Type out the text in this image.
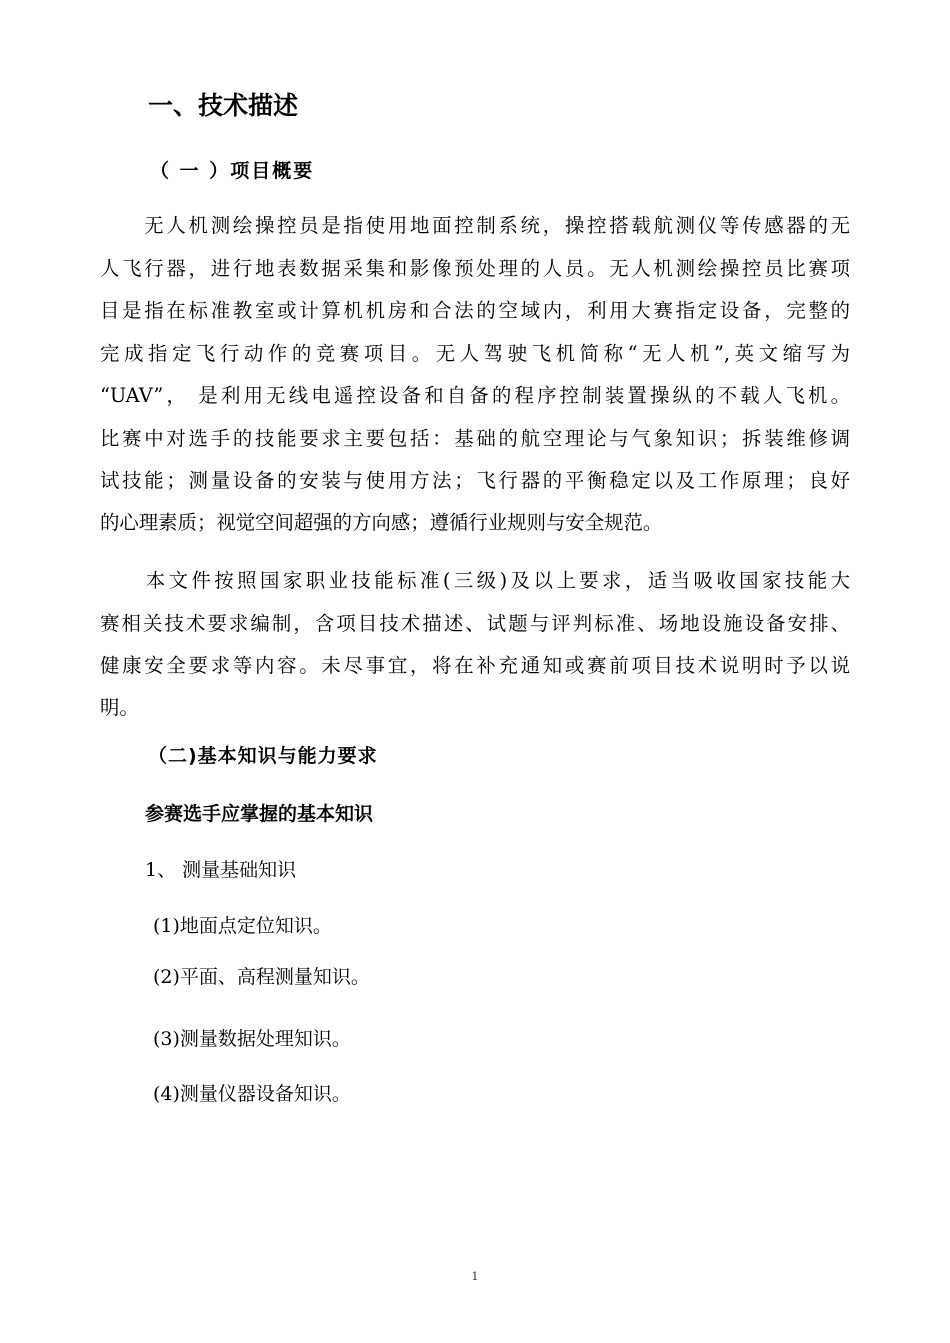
一、技术描述
（ 一 ）项目概要
　　无人机测绘操控员是指使用地面控制系统，操控搭载航测仪等传感器的无
人飞行器，进行地表数据采集和影像预处理的人员。无人机测绘操控员比赛项
目是指在标准教室或计算机机房和合法的空域内，利用大赛指定设备，完整的
完成指定飞行动作的竞赛项目。无人驾驶飞机简称“无人机”,英文缩写为
“UAV”， 是利用无线电遥控设备和自备的程序控制装置操纵的不载人飞机。
比赛中对选手的技能要求主要包括：基础的航空理论与气象知识；拆装维修调
试技能；测量设备的安装与使用方法；飞行器的平衡稳定以及工作原理；良好
的心理素质；视觉空间超强的方向感；遵循行业规则与安全规范。
　　本文件按照国家职业技能标准(三级)及以上要求，适当吸收国家技能大
赛相关技术要求编制，含项目技术描述、试题与评判标准、场地设施设备安排、
健康安全要求等内容。未尽事宜，将在补充通知或赛前项目技术说明时予以说
明。
（二)基本知识与能力要求
参赛选手应掌握的基本知识
1、 测量基础知识
(1)地面点定位知识。
(2)平面、高程测量知识。
(3)测量数据处理知识。
(4)测量仪器设备知识。
1
